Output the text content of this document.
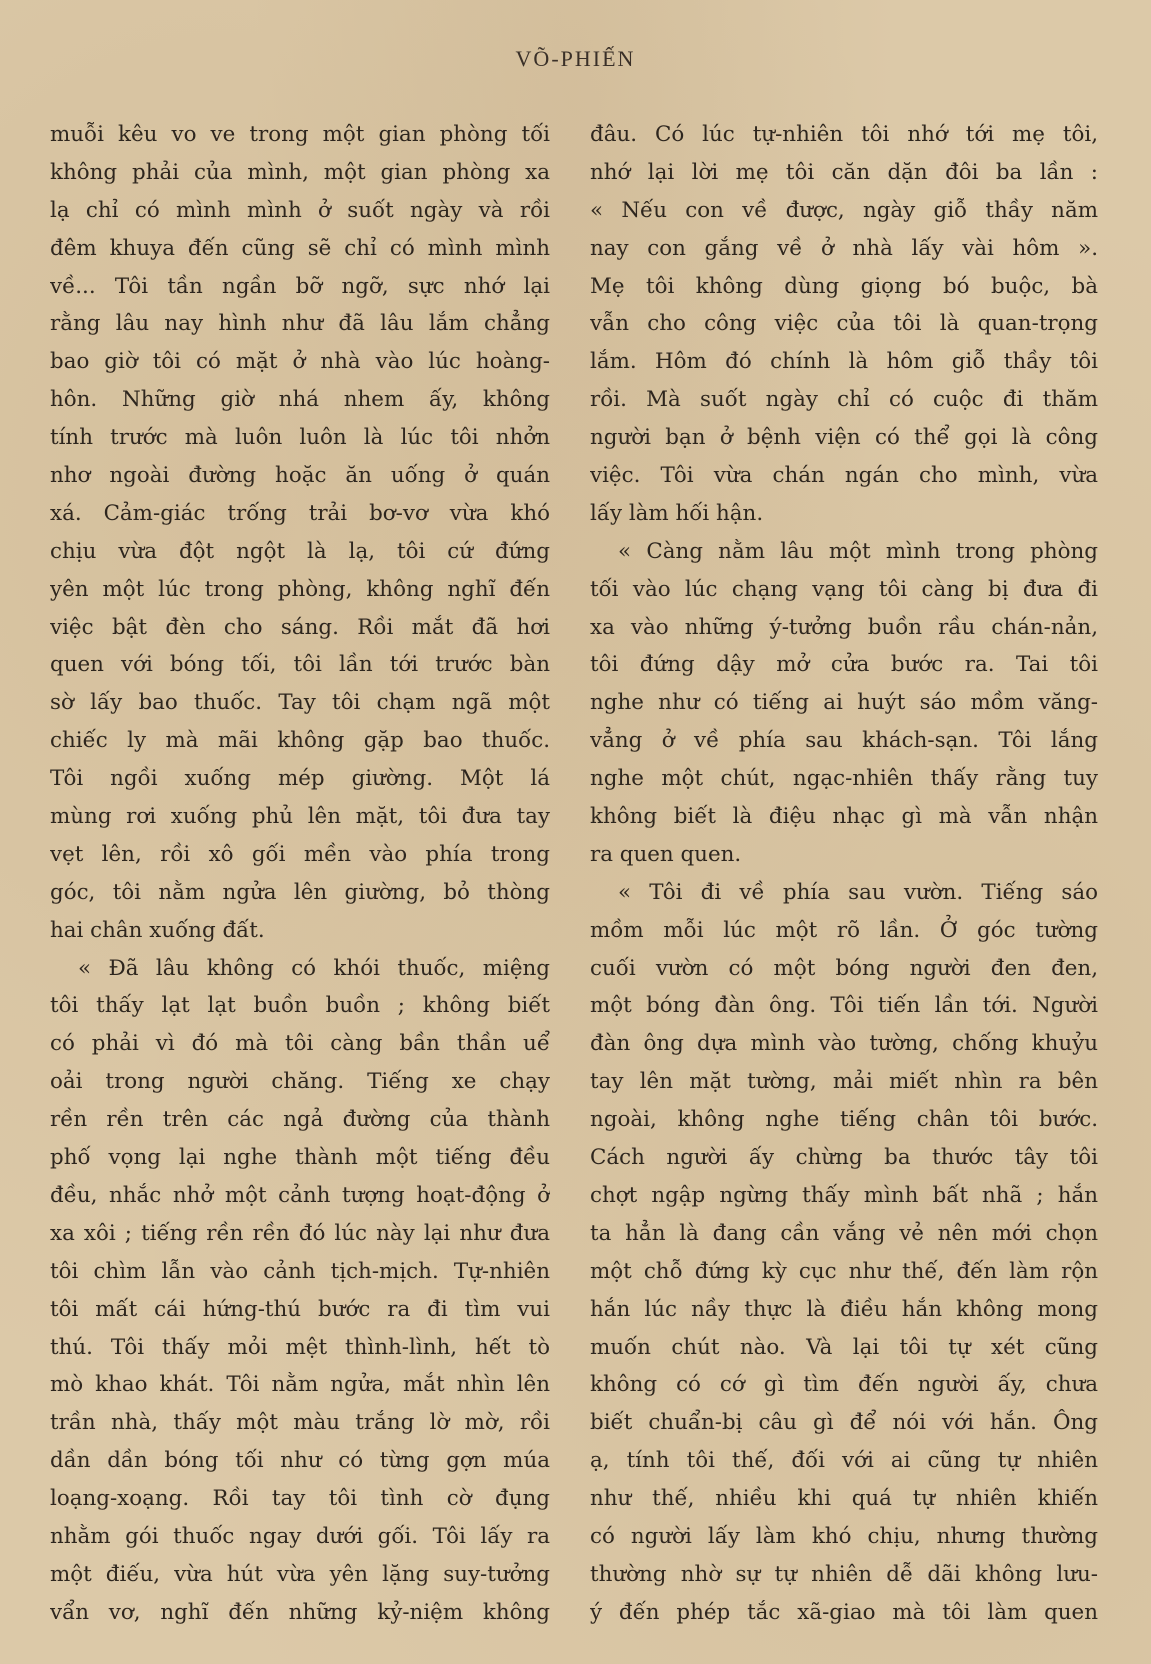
VÕ-PHIẾN
muỗi kêu vo ve trong một gian phòng tối
không phải của mình, một gian phòng xa
lạ chỉ có mình mình ở suốt ngày và rồi
đêm khuya đến cũng sẽ chỉ có mình mình
về... Tôi tần ngần bỡ ngỡ, sực nhớ lại
rằng lâu nay hình như đã lâu lắm chẳng
bao giờ tôi có mặt ở nhà vào lúc hoàng-
hôn. Những giờ nhá nhem ấy, không
tính trước mà luôn luôn là lúc tôi nhởn
nhơ ngoài đường hoặc ăn uống ở quán
xá. Cảm-giác trống trải bơ-vơ vừa khó
chịu vừa đột ngột là lạ, tôi cứ đứng
yên một lúc trong phòng, không nghĩ đến
việc bật đèn cho sáng. Rồi mắt đã hơi
quen với bóng tối, tôi lần tới trước bàn
sờ lấy bao thuốc. Tay tôi chạm ngã một
chiếc ly mà mãi không gặp bao thuốc.
Tôi ngồi xuống mép giường. Một lá
mùng rơi xuống phủ lên mặt, tôi đưa tay
vẹt lên, rồi xô gối mền vào phía trong
góc, tôi nằm ngửa lên giường, bỏ thòng
hai chân xuống đất.
« Đã lâu không có khói thuốc, miệng
tôi thấy lạt lạt buồn buồn ; không biết
có phải vì đó mà tôi càng bần thần uể
oải trong người chăng. Tiếng xe chạy
rền rền trên các ngả đường của thành
phố vọng lại nghe thành một tiếng đều
đều, nhắc nhở một cảnh tượng hoạt-động ở
xa xôi ; tiếng rền rền đó lúc này lại như đưa
tôi chìm lẫn vào cảnh tịch-mịch. Tự-nhiên
tôi mất cái hứng-thú bước ra đi tìm vui
thú. Tôi thấy mỏi mệt thình-lình, hết tò
mò khao khát. Tôi nằm ngửa, mắt nhìn lên
trần nhà, thấy một màu trắng lờ mờ, rồi
dần dần bóng tối như có từng gợn múa
loạng-xoạng. Rồi tay tôi tình cờ đụng
nhằm gói thuốc ngay dưới gối. Tôi lấy ra
một điếu, vừa hút vừa yên lặng suy-tưởng
vẩn vơ, nghĩ đến những kỷ-niệm không
đâu. Có lúc tự-nhiên tôi nhớ tới mẹ tôi,
nhớ lại lời mẹ tôi căn dặn đôi ba lần :
« Nếu con về được, ngày giỗ thầy năm
nay con gắng về ở nhà lấy vài hôm ».
Mẹ tôi không dùng giọng bó buộc, bà
vẫn cho công việc của tôi là quan-trọng
lắm. Hôm đó chính là hôm giỗ thầy tôi
rồi. Mà suốt ngày chỉ có cuộc đi thăm
người bạn ở bệnh viện có thể gọi là công
việc. Tôi vừa chán ngán cho mình, vừa
lấy làm hối hận.
« Càng nằm lâu một mình trong phòng
tối vào lúc chạng vạng tôi càng bị đưa đi
xa vào những ý-tưởng buồn rầu chán-nản,
tôi đứng dậy mở cửa bước ra. Tai tôi
nghe như có tiếng ai huýt sáo mồm văng-
vẳng ở về phía sau khách-sạn. Tôi lắng
nghe một chút, ngạc-nhiên thấy rằng tuy
không biết là điệu nhạc gì mà vẫn nhận
ra quen quen.
« Tôi đi về phía sau vườn. Tiếng sáo
mồm mỗi lúc một rõ lần. Ở góc tường
cuối vườn có một bóng người đen đen,
một bóng đàn ông. Tôi tiến lần tới. Người
đàn ông dựa mình vào tường, chống khuỷu
tay lên mặt tường, mải miết nhìn ra bên
ngoài, không nghe tiếng chân tôi bước.
Cách người ấy chừng ba thước tây tôi
chợt ngập ngừng thấy mình bất nhã ; hắn
ta hẳn là đang cần vắng vẻ nên mới chọn
một chỗ đứng kỳ cục như thế, đến làm rộn
hắn lúc nầy thực là điều hắn không mong
muốn chút nào. Và lại tôi tự xét cũng
không có cớ gì tìm đến người ấy, chưa
biết chuẩn-bị câu gì để nói với hắn. Ông
ạ, tính tôi thế, đối với ai cũng tự nhiên
như thế, nhiều khi quá tự nhiên khiến
có người lấy làm khó chịu, nhưng thường
thường nhờ sự tự nhiên dễ dãi không lưu-
ý đến phép tắc xã-giao mà tôi làm quen
